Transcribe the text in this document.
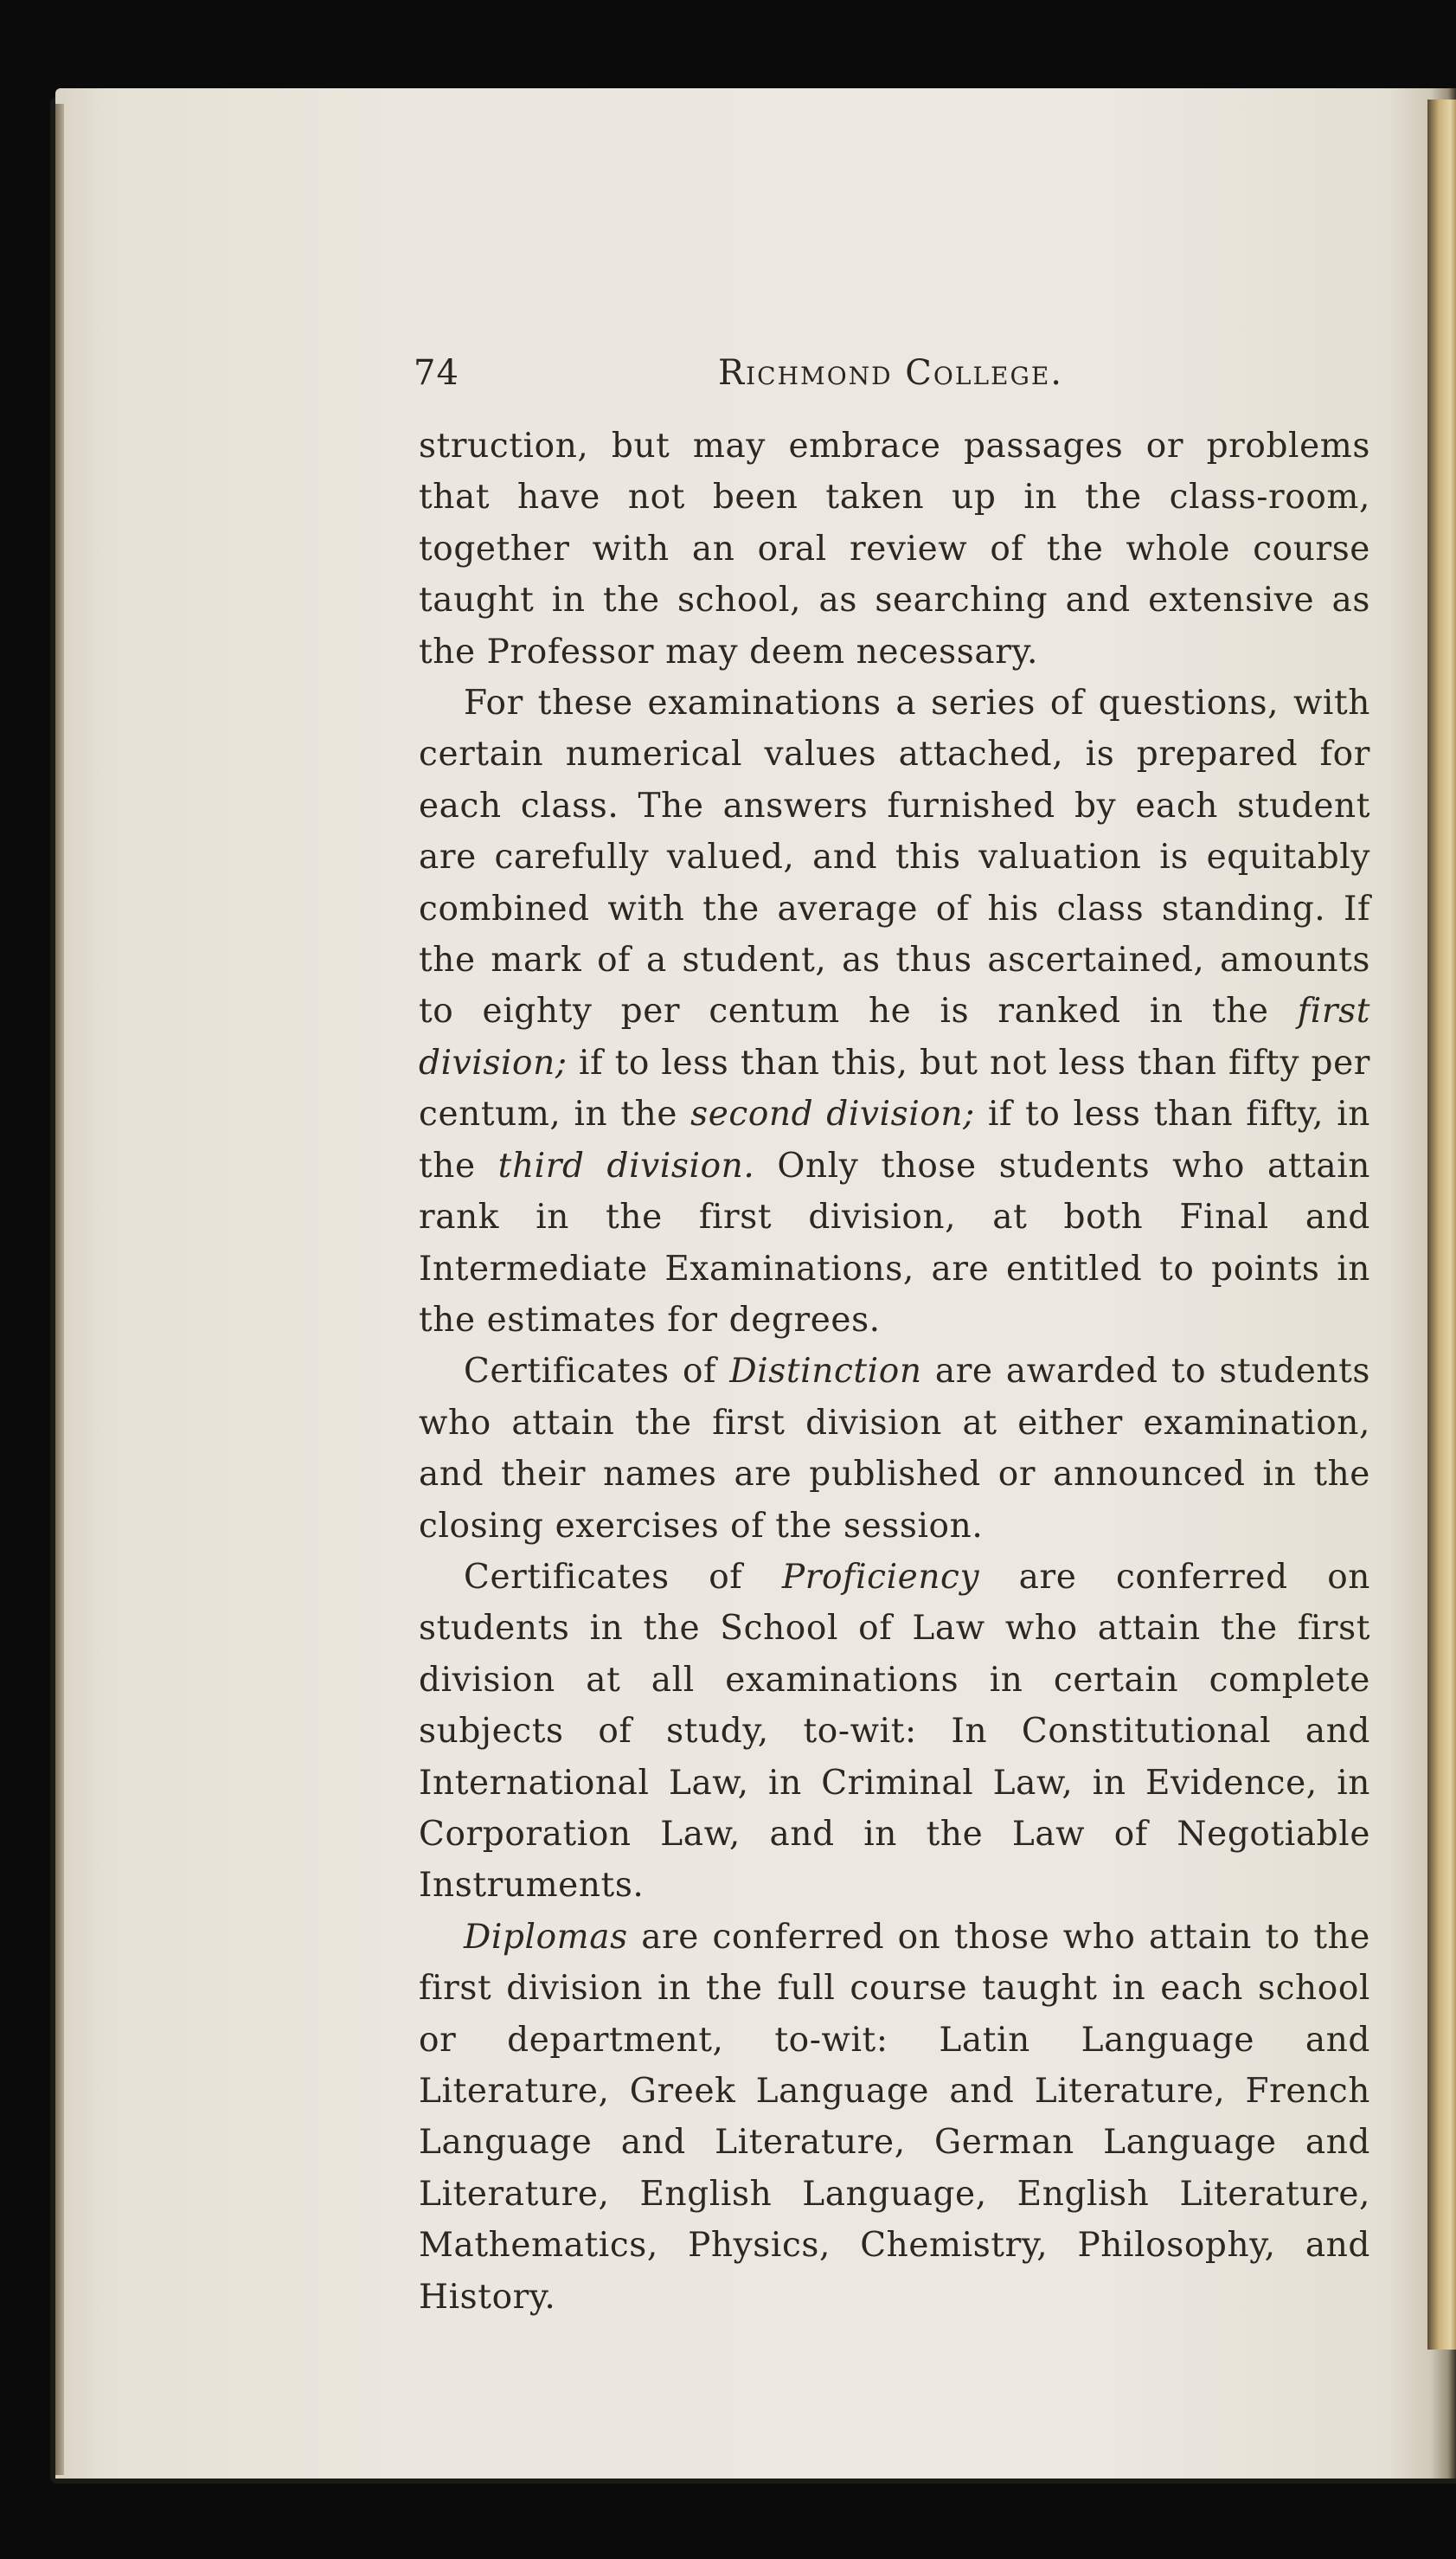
74	Richmond College.

struction, but may embrace passages or problems that have not been taken up in the class-room, together with an oral review of the whole course taught in the school, as searching and extensive as the Professor may deem necessary.

For these examinations a series of questions, with certain numerical values attached, is prepared for each class. The answers furnished by each student are carefully valued, and this valuation is equitably combined with the average of his class standing. If the mark of a student, as thus ascertained, amounts to eighty per centum he is ranked in the first division; if to less than this, but not less than fifty per centum, in the second division; if to less than fifty, in the third division. Only those students who attain rank in the first division, at both Final and Intermediate Examinations, are entitled to points in the estimates for degrees.

Certificates of Distinction are awarded to students who attain the first division at either examination, and their names are published or announced in the closing exercises of the session.

Certificates of Proficiency are conferred on students in the School of Law who attain the first division at all examinations in certain complete subjects of study, to-wit: In Constitutional and International Law, in Criminal Law, in Evidence, in Corporation Law, and in the Law of Negotiable Instruments.

Diplomas are conferred on those who attain to the first division in the full course taught in each school or department, to-wit: Latin Language and Literature, Greek Language and Literature, French Language and Literature, German Language and Literature, English Language, English Literature, Mathematics, Physics, Chemistry, Philosophy, and History.
